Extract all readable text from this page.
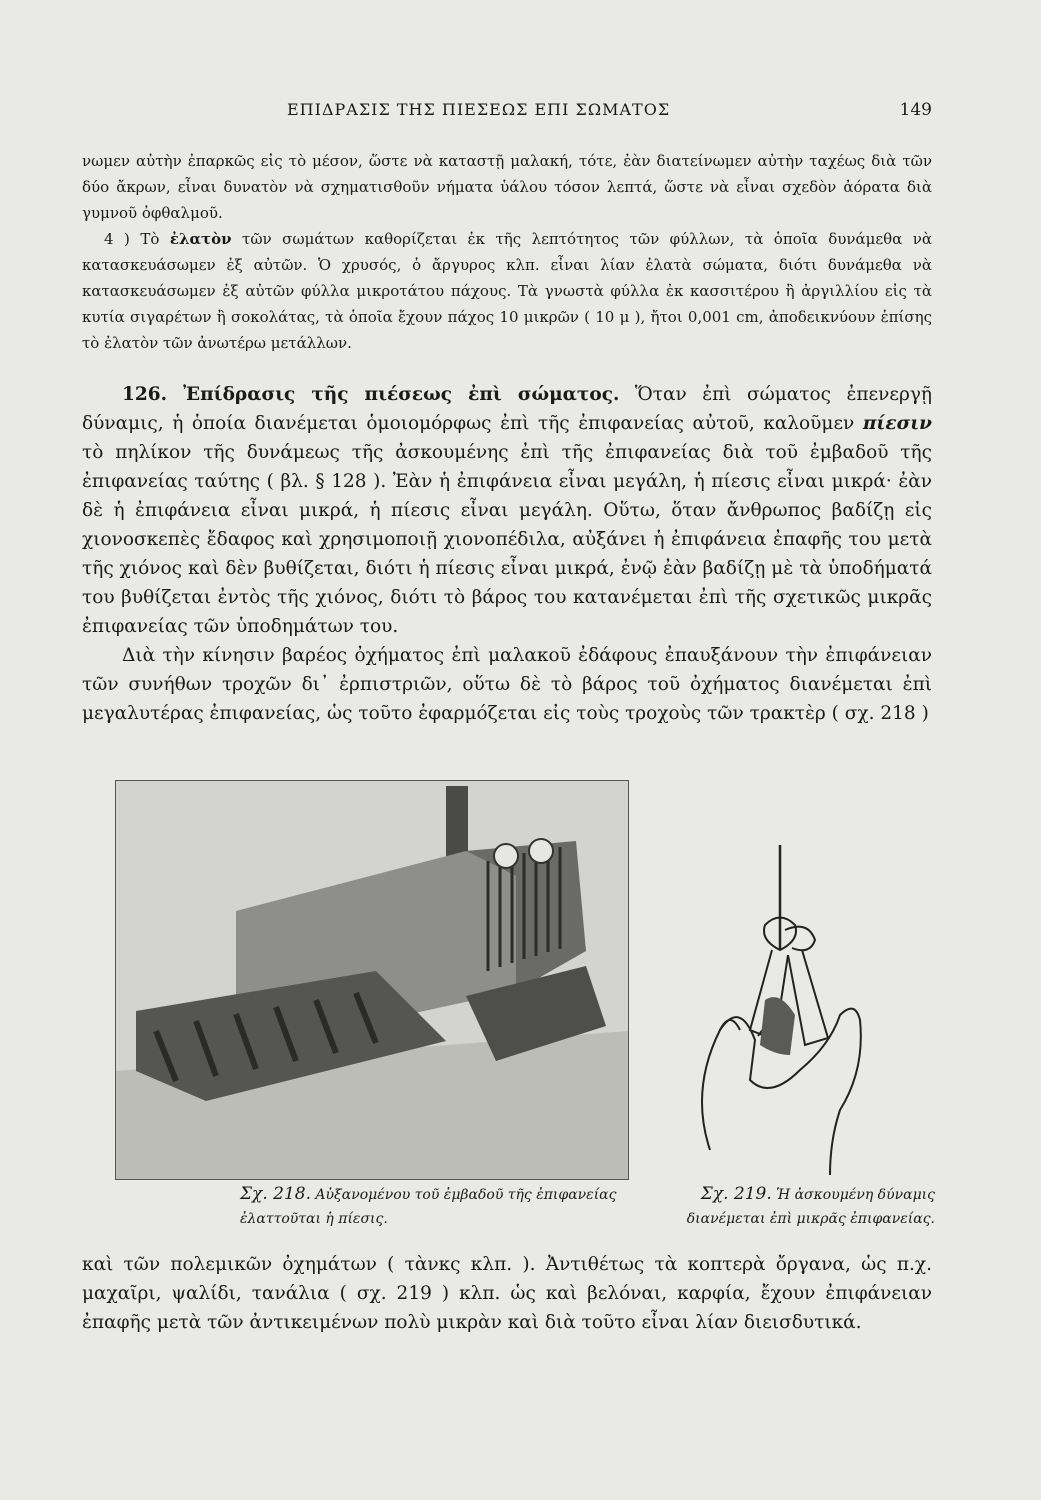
ΕΠΙΔΡΑΣΙΣ ΤΗΣ ΠΙΕΣΕΩΣ ΕΠΙ ΣΩΜΑΤΟΣ	149

νωμεν αὐτὴν ἐπαρκῶς εἰς τὸ μέσον, ὥστε νὰ καταστῇ μαλακή, τότε, ἐὰν διατείνωμεν αὐτὴν ταχέως διὰ τῶν δύο ἄκρων, εἶναι δυνατὸν νὰ σχηματισθοῦν νήματα ὑάλου τόσον λεπτά, ὥστε νὰ εἶναι σχεδὸν ἀόρατα διὰ γυμνοῦ ὀφθαλμοῦ.

4 ) Τὸ ἐλατὸν τῶν σωμάτων καθορίζεται ἐκ τῆς λεπτότητος τῶν φύλλων, τὰ ὁποῖα δυνάμεθα νὰ κατασκευάσωμεν ἐξ αὐτῶν. Ὁ χρυσός, ὁ ἄργυρος κλπ. εἶναι λίαν ἐλατὰ σώματα, διότι δυνάμεθα νὰ κατασκευάσωμεν ἐξ αὐτῶν φύλλα μικροτάτου πάχους. Τὰ γνωστὰ φύλλα ἐκ κασσιτέρου ἢ ἀργιλλίου εἰς τὰ κυτία σιγαρέτων ἢ σοκολάτας, τὰ ὁποῖα ἔχουν πάχος 10 μικρῶν ( 10 μ ), ἤτοι 0,001 cm, ἀποδεικνύουν ἐπίσης τὸ ἐλατὸν τῶν ἀνωτέρω μετάλλων.

126. Ἐπίδρασις τῆς πιέσεως ἐπὶ σώματος. Ὅταν ἐπὶ σώματος ἐπενεργῇ δύναμις, ἡ ὁποία διανέμεται ὁμοιομόρφως ἐπὶ τῆς ἐπιφανείας αὐτοῦ, καλοῦμεν πίεσιν τὸ πηλίκον τῆς δυνάμεως τῆς ἀσκουμένης ἐπὶ τῆς ἐπιφανείας διὰ τοῦ ἐμβαδοῦ τῆς ἐπιφανείας ταύτης ( βλ. § 128 ). Ἐὰν ἡ ἐπιφάνεια εἶναι μεγάλη, ἡ πίεσις εἶναι μικρά· ἐὰν δὲ ἡ ἐπιφάνεια εἶναι μικρά, ἡ πίεσις εἶναι μεγάλη. Οὕτω, ὅταν ἄνθρωπος βαδίζῃ εἰς χιονοσκεπὲς ἔδαφος καὶ χρησιμοποιῇ χιονοπέδιλα, αὐξάνει ἡ ἐπιφάνεια ἐπαφῆς του μετὰ τῆς χιόνος καὶ δὲν βυθίζεται, διότι ἡ πίεσις εἶναι μικρά, ἐνῷ ἐὰν βαδίζῃ μὲ τὰ ὑποδήματά του βυθίζεται ἐντὸς τῆς χιόνος, διότι τὸ βάρος του κατανέμεται ἐπὶ τῆς σχετικῶς μικρᾶς ἐπιφανείας τῶν ὑποδημάτων του.

Διὰ τὴν κίνησιν βαρέος ὀχήματος ἐπὶ μαλακοῦ ἐδάφους ἐπαυξάνουν τὴν ἐπιφάνειαν τῶν συνήθων τροχῶν δι᾽ ἐρπιστριῶν, οὕτω δὲ τὸ βάρος τοῦ ὀχήματος διανέμεται ἐπὶ μεγαλυτέρας ἐπιφανείας, ὡς τοῦτο ἐφαρμόζεται εἰς τοὺς τροχοὺς τῶν τρακτὲρ ( σχ. 218 )

Σχ. 218. Αὐξανομένου τοῦ ἐμβαδοῦ τῆς ἐπιφανείας ἐλαττοῦται ἡ πίεσις.
Σχ. 219. Ἡ ἀσκουμένη δύναμις διανέμεται ἐπὶ μικρᾶς ἐπιφανείας.

καὶ τῶν πολεμικῶν ὀχημάτων ( τὰνκς κλπ. ). Ἀντιθέτως τὰ κοπτερὰ ὄργανα, ὡς π.χ. μαχαῖρι, ψαλίδι, τανάλια ( σχ. 219 ) κλπ. ὡς καὶ βελόναι, καρφία, ἔχουν ἐπιφάνειαν ἐπαφῆς μετὰ τῶν ἀντικειμένων πολὺ μικρὰν καὶ διὰ τοῦτο εἶναι λίαν διεισδυτικά.
